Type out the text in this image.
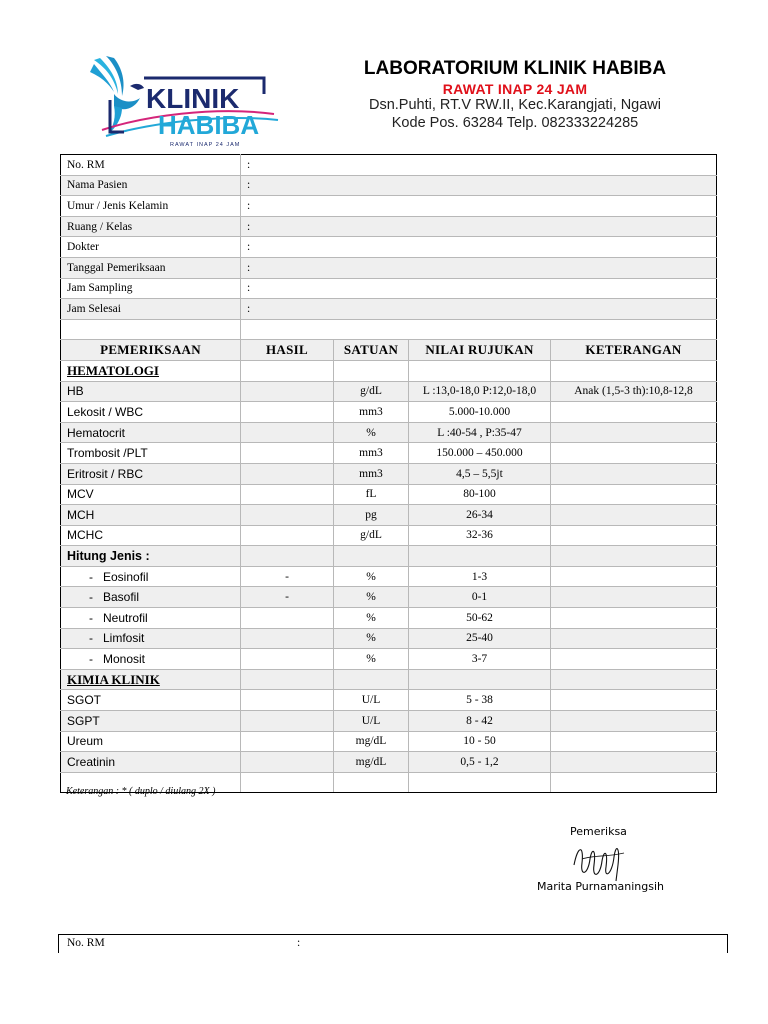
KLINIK
HABIBA
RAWAT INAP 24 JAM
LABORATORIUM KLINIK HABIBA
RAWAT INAP 24 JAM
Dsn.Puhti, RT.V RW.II, Kec.Karangjati, Ngawi
Kode Pos. 63284 Telp. 082333224285
No. RM	:			
Nama Pasien	:			
Umur / Jenis Kelamin	:			
Ruang / Kelas	:			
Dokter	:			
Tanggal Pemeriksaan	:			
Jam Sampling	:			
Jam Selesai	:			

PEMERIKSAAN	HASIL	SATUAN	NILAI RUJUKAN	KETERANGAN
HEMATOLOGI				
HB		g/dL	L :13,0-18,0 P:12,0-18,0	Anak (1,5-3 th):10,8-12,8
Lekosit / WBC		mm3	5.000-10.000	
Hematocrit		%	L :40-54 , P:35-47	
Trombosit /PLT		mm3	150.000 – 450.000	
Eritrosit / RBC		mm3	4,5 – 5,5jt	
MCV		fL	80-100	
MCH		pg	26-34	
MCHC		g/dL	32-36	
Hitung Jenis :				
- Eosinofil	-	%	1-3	
- Basofil	-	%	0-1	
- Neutrofil		%	50-62	
- Limfosit		%	25-40	
- Monosit		%	3-7	
KIMIA KLINIK				
SGOT		U/L	5 - 38	
SGPT		U/L	8 - 42	
Ureum		mg/dL	10 - 50	
Creatinin		mg/dL	0,5 - 1,2	

Keterangan : * ( duplo / diulang 2X )
Pemeriksa
Marita Purnamaningsih
No. RM	:
